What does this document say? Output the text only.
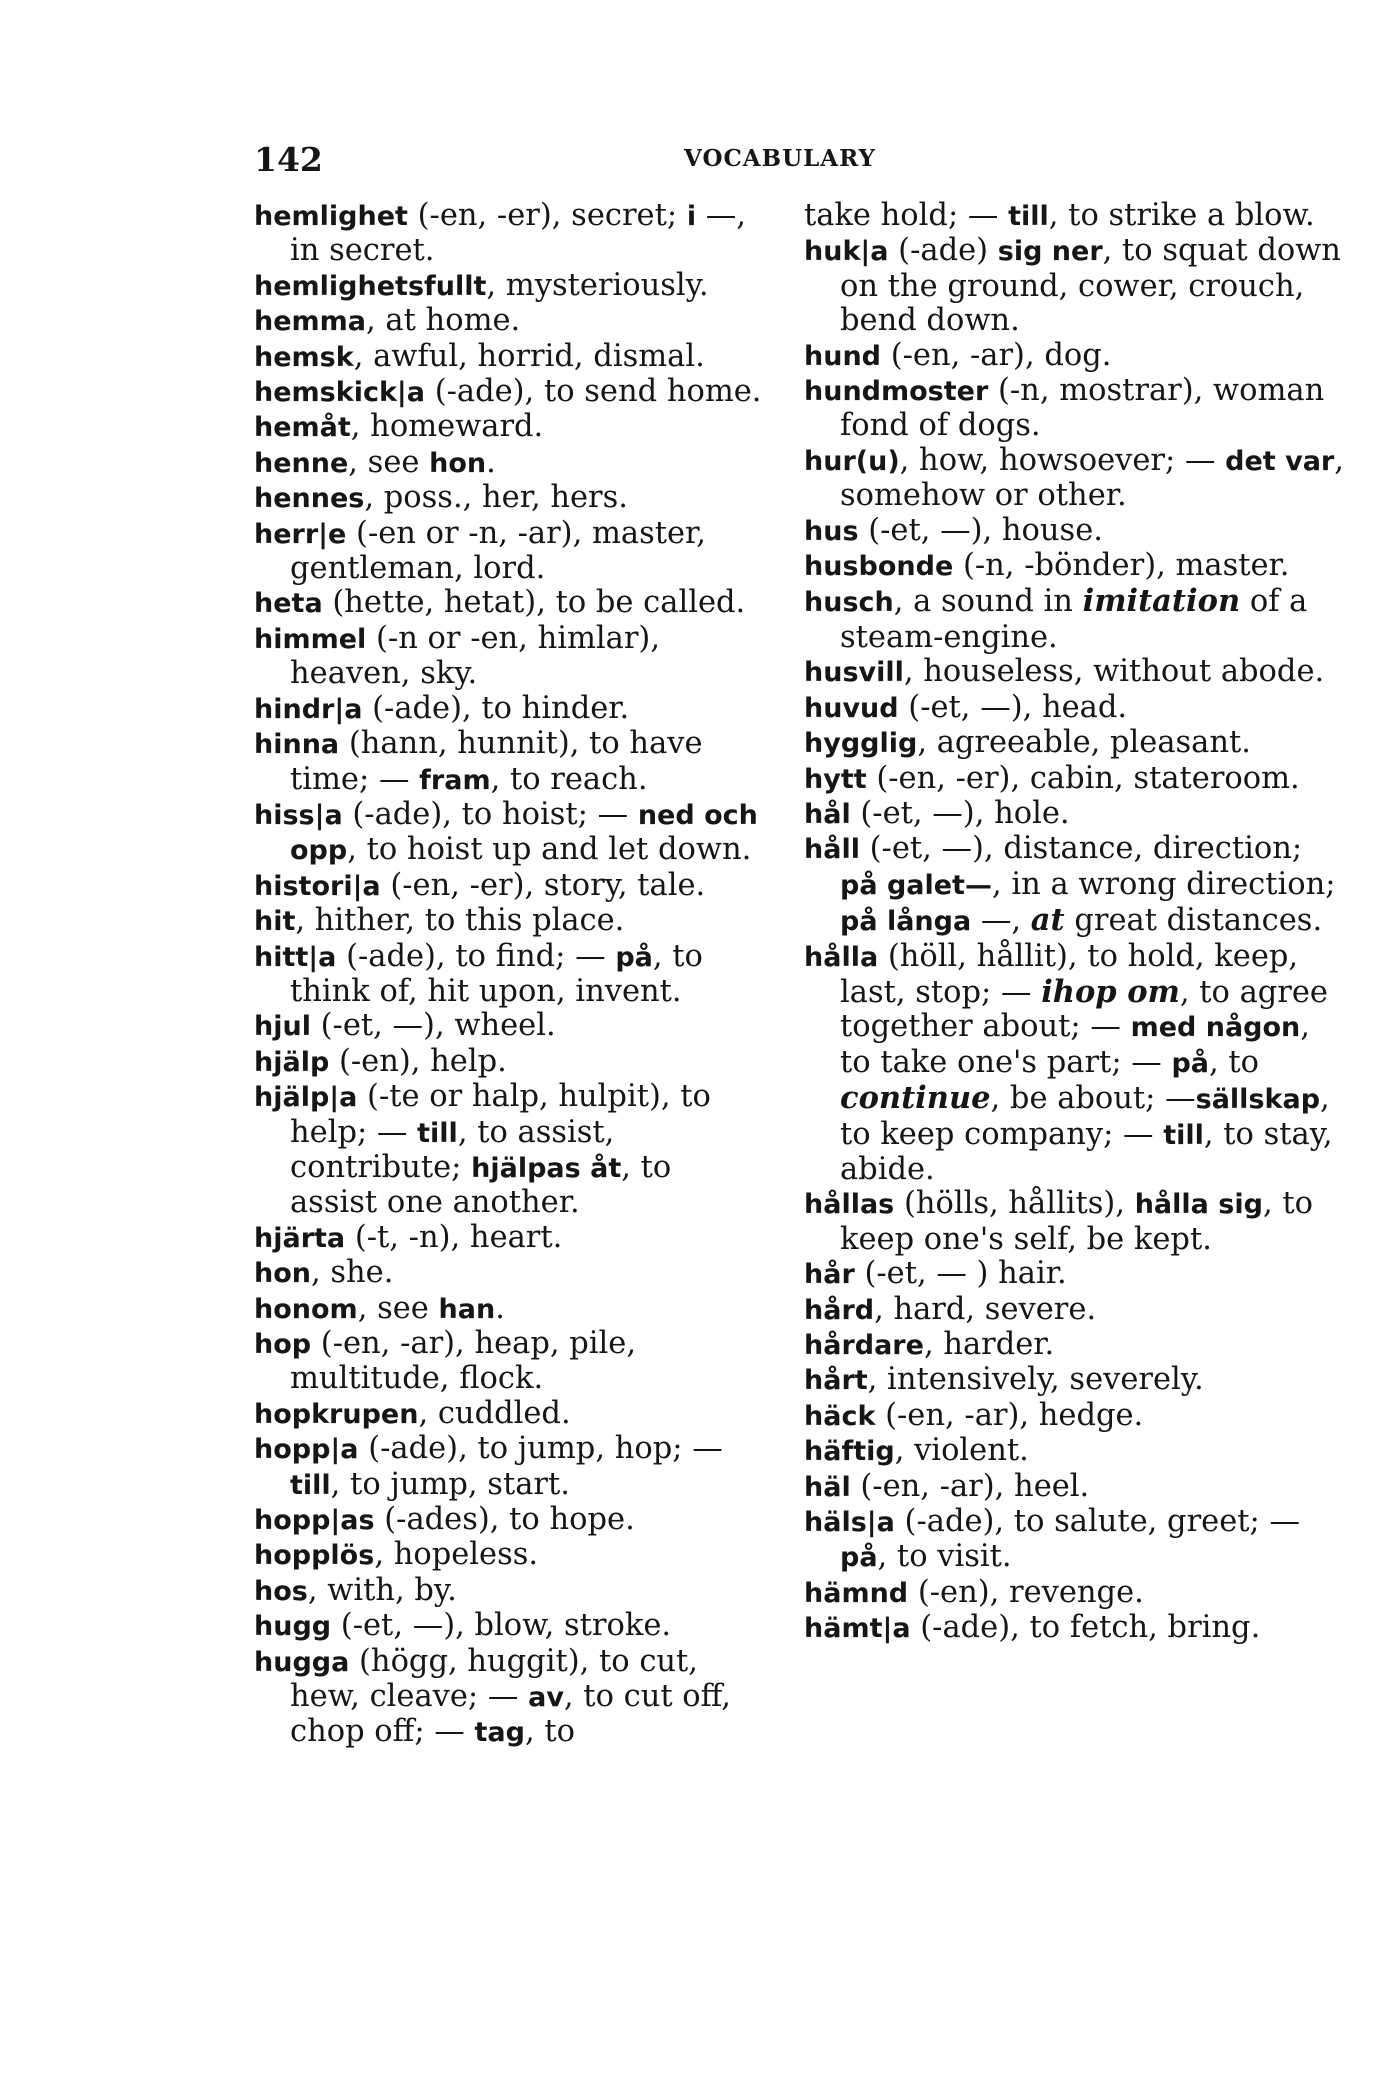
142	VOCABULARY

hemlighet (-en, -er), secret; i —, in secret.

hemlighetsfullt, mysteriously.

hemma, at home.

hemsk, awful, horrid, dismal.

hemskick|a (-ade), to send home.

hemåt, homeward.

henne, see hon.

hennes, poss., her, hers.

herr|e (-en or -n, -ar), master, gentleman, lord.

heta (hette, hetat), to be called.

himmel (-n or -en, himlar), heaven, sky.

hindr|a (-ade), to hinder.

hinna (hann, hunnit), to have time; — fram, to reach.

hiss|a (-ade), to hoist; — ned och opp, to hoist up and let down.

histori|a (-en, -er), story, tale.

hit, hither, to this place.

hitt|a (-ade), to find; — på, to think of, hit upon, invent.

hjul (-et, —), wheel.

hjälp (-en), help.

hjälp|a (-te or halp, hulpit), to help; — till, to assist, contribute; hjälpas åt, to assist one another.

hjärta (-t, -n), heart.

hon, she.

honom, see han.

hop (-en, -ar), heap, pile, multitude, flock.

hopkrupen, cuddled.

hopp|a (-ade), to jump, hop; — till, to jump, start.

hopp|as (-ades), to hope.

hopplös, hopeless.

hos, with, by.

hugg (-et, —), blow, stroke.

hugga (högg, huggit), to cut, hew, cleave; — av, to cut off, chop off; — tag, to

take hold; — till, to strike a blow.

huk|a (-ade) sig ner, to squat down on the ground, cower, crouch, bend down.

hund (-en, -ar), dog.

hundmoster (-n, mostrar), woman fond of dogs.

hur(u), how, howsoever; — det var, somehow or other.

hus (-et, —), house.

husbonde (-n, -bönder), master.

husch, a sound in imitation of a steam-engine.

husvill, houseless, without abode.

huvud (-et, —), head.

hygglig, agreeable, pleasant.

hytt (-en, -er), cabin, stateroom.

hål (-et, —), hole.

håll (-et, —), distance, direction; på galet—, in a wrong direction; på långa —, at great distances.

hålla (höll, hållit), to hold, keep, last, stop; — ihop om, to agree together about; — med någon, to take one's part; — på, to continue, be about; —sällskap, to keep company; — till, to stay, abide.

hållas (hölls, hållits), hålla sig, to keep one's self, be kept.

hår (-et, — ) hair.

hård, hard, severe.

hårdare, harder.

hårt, intensively, severely.

häck (-en, -ar), hedge.

häftig, violent.

häl (-en, -ar), heel.

häls|a (-ade), to salute, greet; — på, to visit.

hämnd (-en), revenge.

hämt|a (-ade), to fetch, bring.
